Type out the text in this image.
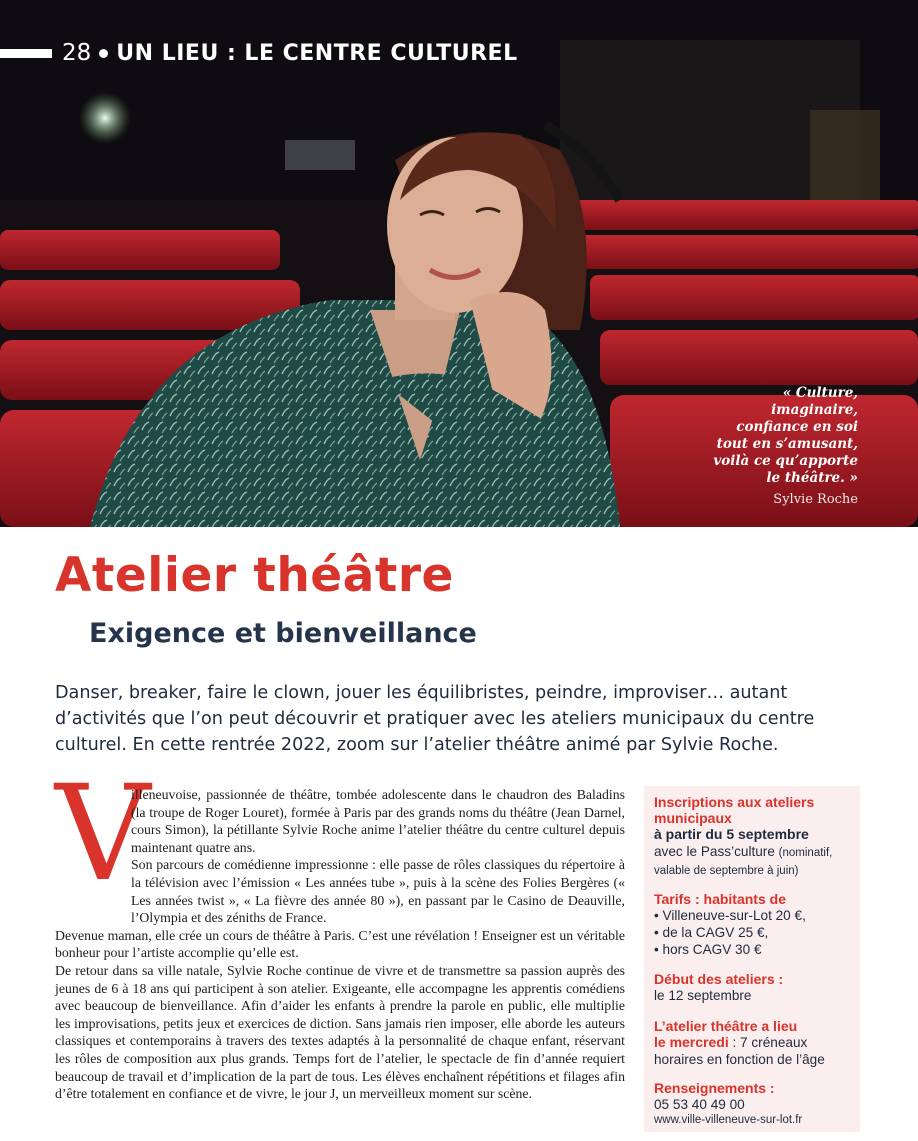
28 UN LIEU : LE CENTRE CULTUREL
« Culture,
imaginaire,
confiance en soi
tout en s’amusant,
voilà ce qu’apporte
le théâtre. »
Sylvie Roche
Atelier théâtre
Exigence et bienveillance

Danser, breaker, faire le clown, jouer les équilibristes, peindre, improviser… autant d’activités que l’on peut découvrir et pratiquer avec les ateliers municipaux du centre culturel. En cette rentrée 2022, zoom sur l’atelier théâtre animé par Sylvie Roche.

V

illeneuvoise, passionnée de théâtre, tombée adolescente dans le chaudron des Baladins (la troupe de Roger Louret), formée à Paris par des grands noms du théâtre (Jean Darnel, cours Simon), la pétillante Sylvie Roche anime l’atelier théâtre du centre culturel depuis maintenant quatre ans.
Son parcours de comédienne impressionne : elle passe de rôles classiques du répertoire à la télévision avec l’émission « Les années tube », puis à la scène des Folies Bergères (« Les années twist », « La fièvre des année 80 »), en passant par le Casino de Deauville, l’Olympia et des zéniths de France.

Devenue maman, elle crée un cours de théâtre à Paris. C’est une révélation ! Enseigner est un véritable bonheur pour l’artiste accomplie qu’elle est.

De retour dans sa ville natale, Sylvie Roche continue de vivre et de transmettre sa passion auprès des jeunes de 6 à 18 ans qui participent à son atelier. Exigeante, elle accompagne les apprentis comédiens avec beaucoup de bienveillance. Afin d’aider les enfants à prendre la parole en public, elle multiplie les improvisations, petits jeux et exercices de diction. Sans jamais rien imposer, elle aborde les auteurs classiques et contemporains à travers des textes adaptés à la personnalité de chaque enfant, réservant les rôles de composition aux plus grands. Temps fort de l’atelier, le spectacle de fin d’année requiert beaucoup de travail et d’implication de la part de tous. Les élèves enchaînent répétitions et filages afin d’être totalement en confiance et de vivre, le jour J, un merveilleux moment sur scène.

Inscriptions aux ateliers municipaux
à partir du 5 septembre
avec le Pass’culture (nominatif, valable de septembre à juin)
Tarifs : habitants de
• Villeneuve-sur-Lot 20 €,
• de la CAGV 25 €,
• hors CAGV 30 €
Début des ateliers :
le 12 septembre
L’atelier théâtre a lieu
le mercredi : 7 créneaux
horaires en fonction de l’âge
Renseignements :
05 53 40 49 00
www.ville-villeneuve-sur-lot.fr
